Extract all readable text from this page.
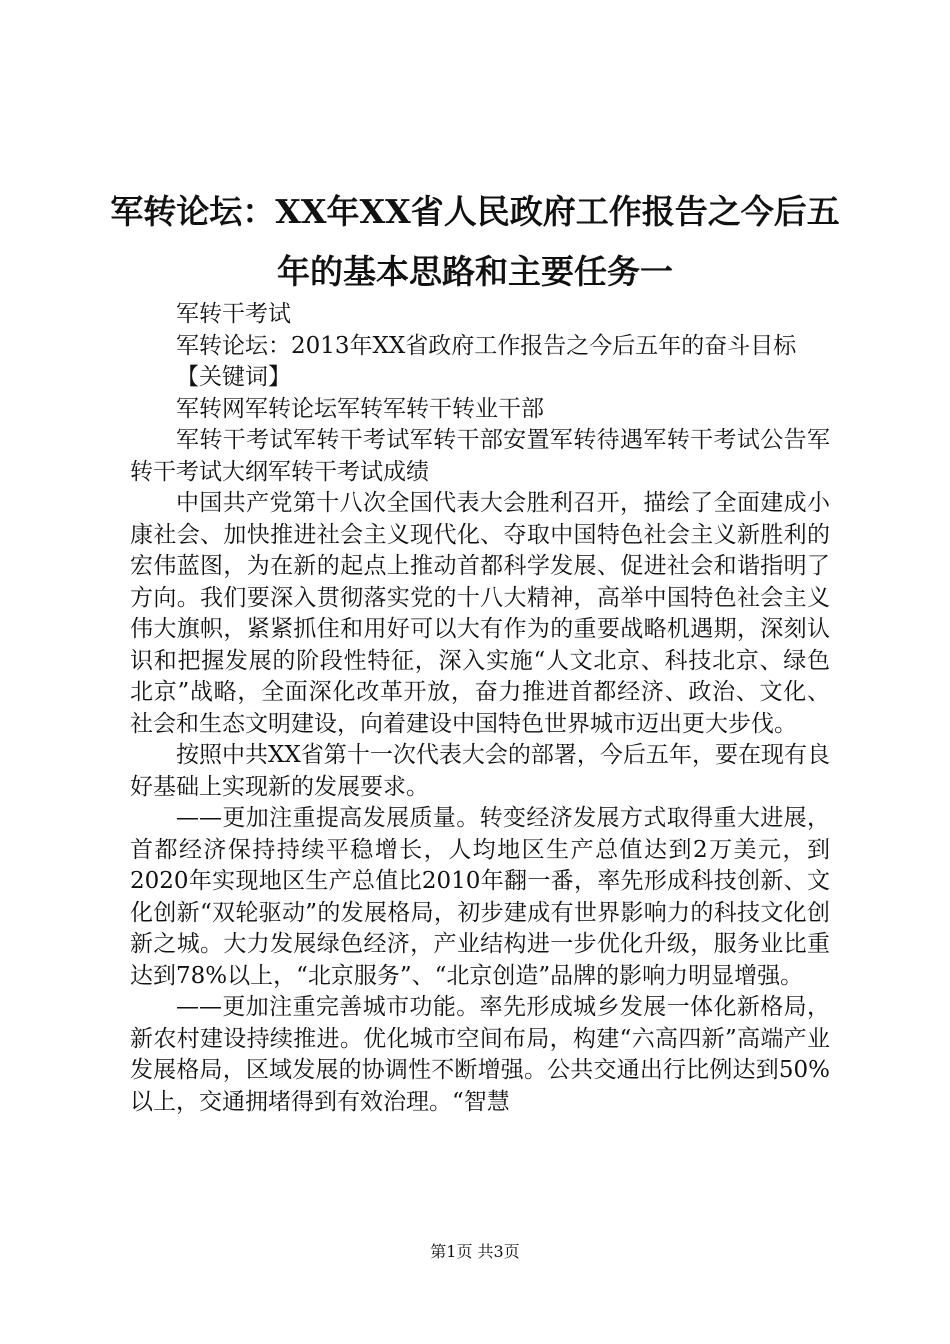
军转论坛：XX年XX省人民政府工作报告之今后五年的基本思路和主要任务一

军转干考试

军转论坛：2013年XX省政府工作报告之今后五年的奋斗目标

【关键词】

军转网军转论坛军转军转干转业干部

军转干考试军转干考试军转干部安置军转待遇军转干考试公告军转干考试大纲军转干考试成绩

中国共产党第十八次全国代表大会胜利召开，描绘了全面建成小康社会、加快推进社会主义现代化、夺取中国特色社会主义新胜利的宏伟蓝图，为在新的起点上推动首都科学发展、促进社会和谐指明了方向。我们要深入贯彻落实党的十八大精神，高举中国特色社会主义伟大旗帜，紧紧抓住和用好可以大有作为的重要战略机遇期，深刻认识和把握发展的阶段性特征，深入实施“人文北京、科技北京、绿色北京”战略，全面深化改革开放，奋力推进首都经济、政治、文化、社会和生态文明建设，向着建设中国特色世界城市迈出更大步伐。

按照中共XX省第十一次代表大会的部署，今后五年，要在现有良好基础上实现新的发展要求。

——更加注重提高发展质量。转变经济发展方式取得重大进展，首都经济保持持续平稳增长，人均地区生产总值达到2万美元，到2020年实现地区生产总值比2010年翻一番，率先形成科技创新、文化创新“双轮驱动”的发展格局，初步建成有世界影响力的科技文化创新之城。大力发展绿色经济，产业结构进一步优化升级，服务业比重达到78%以上，“北京服务”、“北京创造”品牌的影响力明显增强。

——更加注重完善城市功能。率先形成城乡发展一体化新格局，新农村建设持续推进。优化城市空间布局，构建“六高四新”高端产业发展格局，区域发展的协调性不断增强。公共交通出行比例达到50%以上，交通拥堵得到有效治理。“智慧

第1页 共3页
